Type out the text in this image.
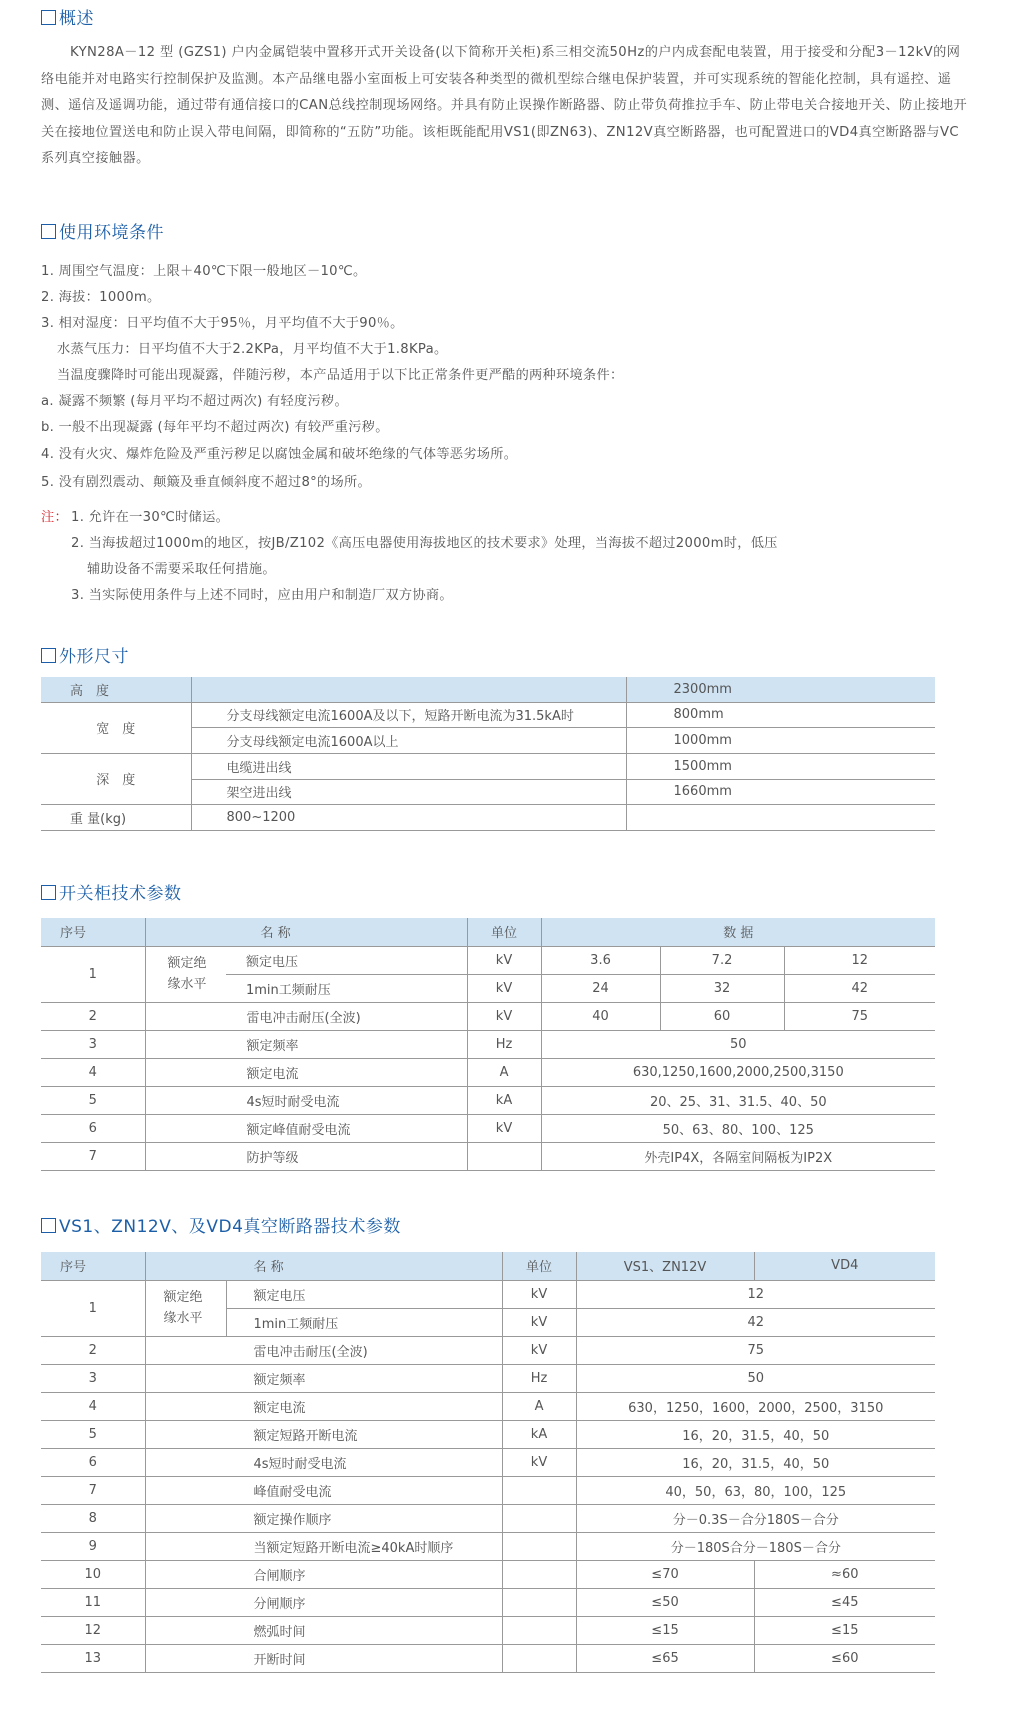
概述
KYN28A－12 型 (GZS1) 户内金属铠装中置移开式开关设备(以下简称开关柜)系三相交流50Hz的户内成套配电装置，用于接受和分配3－12kV的网络电能并对电路实行控制保护及监测。本产品继电器小室面板上可安装各种类型的微机型综合继电保护装置，并可实现系统的智能化控制，具有遥控、遥测、遥信及遥调功能，通过带有通信接口的CAN总线控制现场网络。并具有防止误操作断路器、防止带负荷推拉手车、防止带电关合接地开关、防止接地开关在接地位置送电和防止误入带电间隔，即简称的“五防”功能。该柜既能配用VS1(即ZN63)、ZN12V真空断路器，也可配置进口的VD4真空断路器与VC系列真空接触器。
使用环境条件
1. 周围空气温度：上限＋40℃下限一般地区－10℃。
2. 海拔：1000m。
3. 相对湿度：日平均值不大于95％，月平均值不大于90％。
水蒸气压力：日平均值不大于2.2KPa，月平均值不大于1.8KPa。
当温度骤降时可能出现凝露，伴随污秽，本产品适用于以下比正常条件更严酷的两种环境条件：
a. 凝露不频繁 (每月平均不超过两次) 有轻度污秽。
b. 一般不出现凝露 (每年平均不超过两次) 有较严重污秽。
4. 没有火灾、爆炸危险及严重污秽足以腐蚀金属和破坏绝缘的气体等恶劣场所。
5. 没有剧烈震动、颠簸及垂直倾斜度不超过8°的场所。
注： 1. 允许在一30℃时储运。
2. 当海拔超过1000m的地区，按JB/Z102《高压电器使用海拔地区的技术要求》处理，当海拔不超过2000m时，低压
辅助设备不需要采取任何措施。
3. 当实际使用条件与上述不同时，应由用户和制造厂双方协商。
外形尺寸
高　度		2300mm
宽　度	分支母线额定电流1600A及以下，短路开断电流为31.5kA时	800mm
	分支母线额定电流1600A以上	1000mm
深　度	电缆进出线	1500mm
	架空进出线	1660mm
重 量(kg)	800~1200	
开关柜技术参数
序号	名 称		单位	数 据		
1	额定绝
缘水平	额定电压	kV	3.6	7.2	12
		1min工频耐压	kV	24	32	42
2	雷电冲击耐压(全波)		kV	40	60	75
3	额定频率		Hz	50		
4	额定电流		A	630,1250,1600,2000,2500,3150		
5	4s短时耐受电流		kA	20、25、31、31.5、40、50		
6	额定峰值耐受电流		kV	50、63、80、100、125		
7	防护等级			外壳IP4X，各隔室间隔板为IP2X		
VS1、ZN12V、及VD4真空断路器技术参数
序号	名 称		单位	VS1、ZN12V	VD4
1	额定绝
缘水平	额定电压	kV	12	
		1min工频耐压	kV	42	
2	雷电冲击耐压(全波)		kV	75	
3	额定频率		Hz	50	
4	额定电流		A	630，1250，1600，2000，2500，3150	
5	额定短路开断电流		kA	16，20，31.5，40，50	
6	4s短时耐受电流		kV	16，20，31.5，40，50	
7	峰值耐受电流			40，50，63，80，100，125	
8	额定操作顺序			分－0.3S－合分180S－合分	
9	当额定短路开断电流≥40kA时顺序			分－180S合分－180S－合分	
10	合闸顺序			≤70	≈60
11	分闸顺序			≤50	≤45
12	燃弧时间			≤15	≤15
13	开断时间			≤65	≤60
